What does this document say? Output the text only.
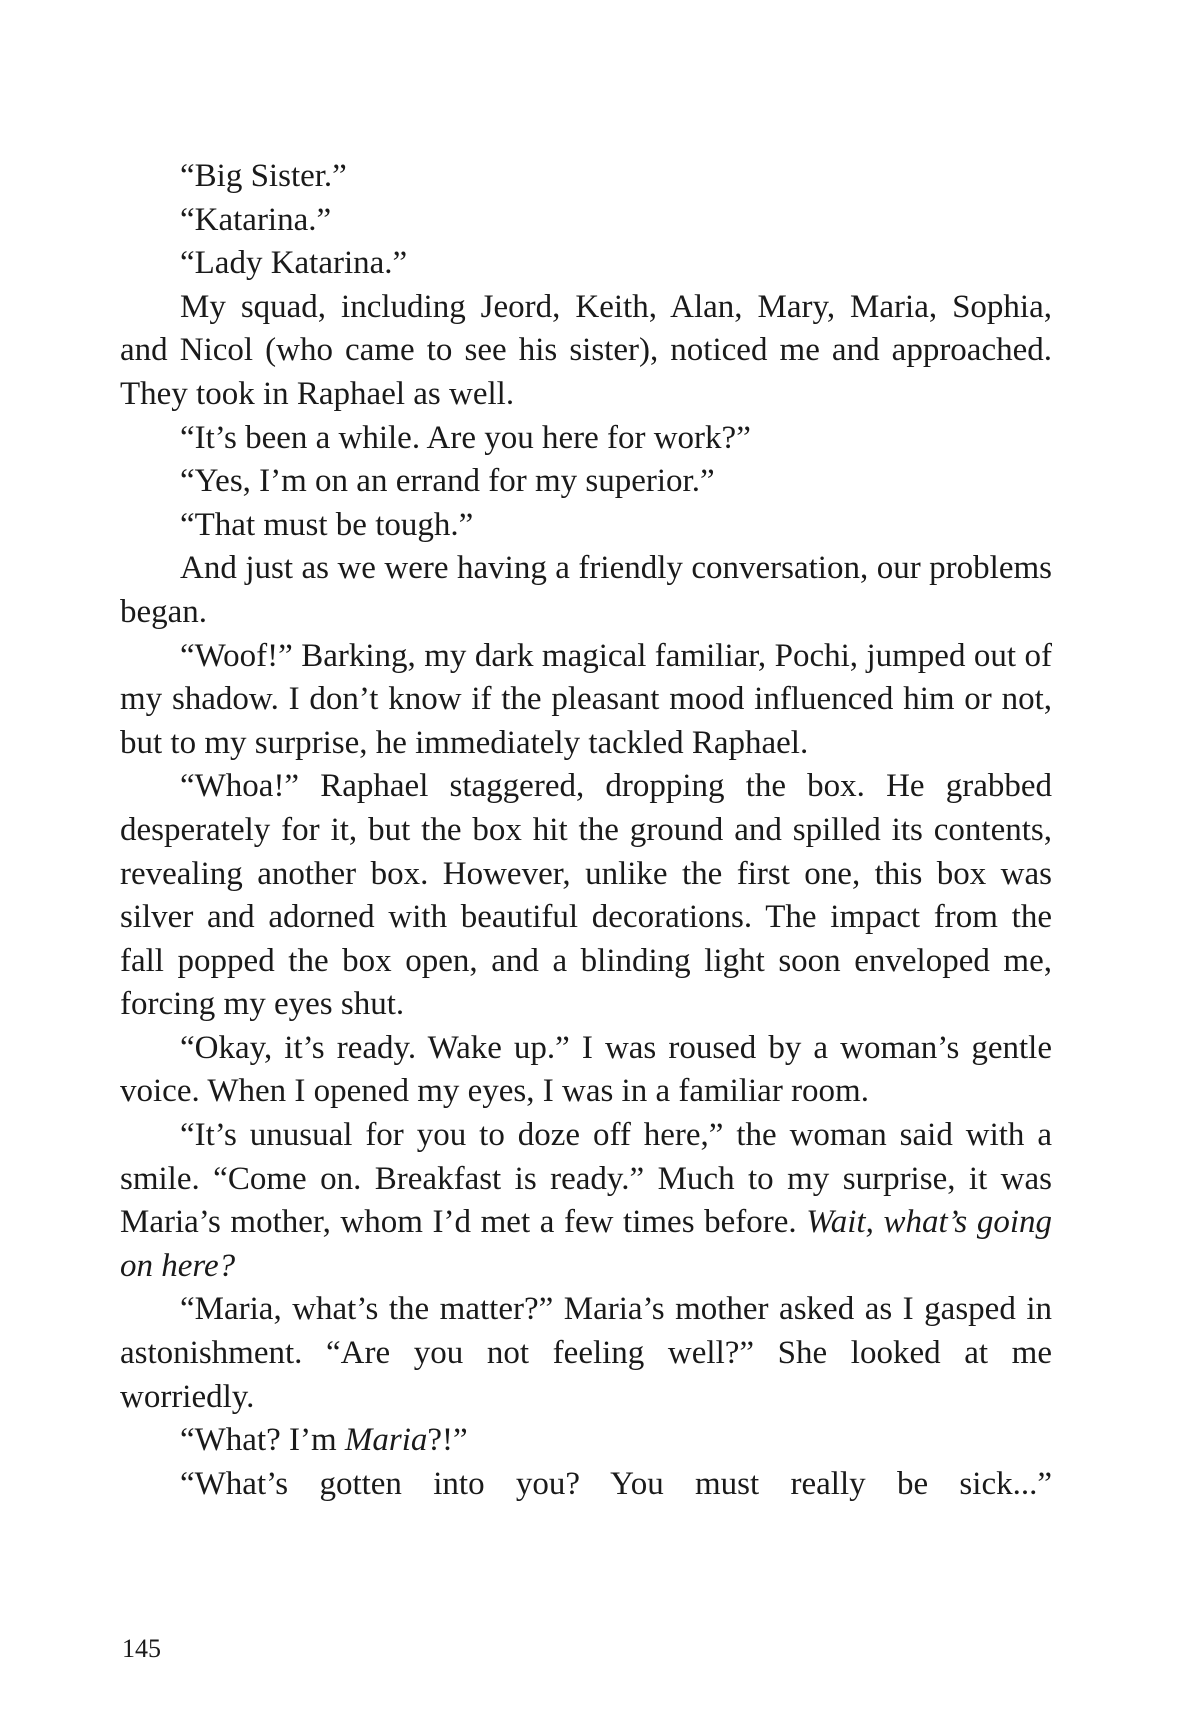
“Big Sister.”

“Katarina.”

“Lady Katarina.”

My squad, including Jeord, Keith, Alan, Mary, Maria, Sophia, and Nicol (who came to see his sister), noticed me and approached. They took in Raphael as well.

“It’s been a while. Are you here for work?”

“Yes, I’m on an errand for my superior.”

“That must be tough.”

And just as we were having a friendly conversation, our problems began.

“Woof!” Barking, my dark magical familiar, Pochi, jumped out of my shadow. I don’t know if the pleasant mood influenced him or not, but to my surprise, he immediately tackled Raphael.

“Whoa!” Raphael staggered, dropping the box. He grabbed desperately for it, but the box hit the ground and spilled its contents, revealing another box. However, unlike the first one, this box was silver and adorned with beautiful decorations. The impact from the fall popped the box open, and a blinding light soon enveloped me, forcing my eyes shut.

“Okay, it’s ready. Wake up.” I was roused by a woman’s gentle voice. When I opened my eyes, I was in a familiar room.

“It’s unusual for you to doze off here,” the woman said with a smile. “Come on. Breakfast is ready.” Much to my surprise, it was Maria’s mother, whom I’d met a few times before. Wait, what’s going on here?

“Maria, what’s the matter?” Maria’s mother asked as I gasped in astonishment. “Are you not feeling well?” She looked at me worriedly.

“What? I’m Maria?!”

“What’s gotten into you? You must really be sick...”

145
